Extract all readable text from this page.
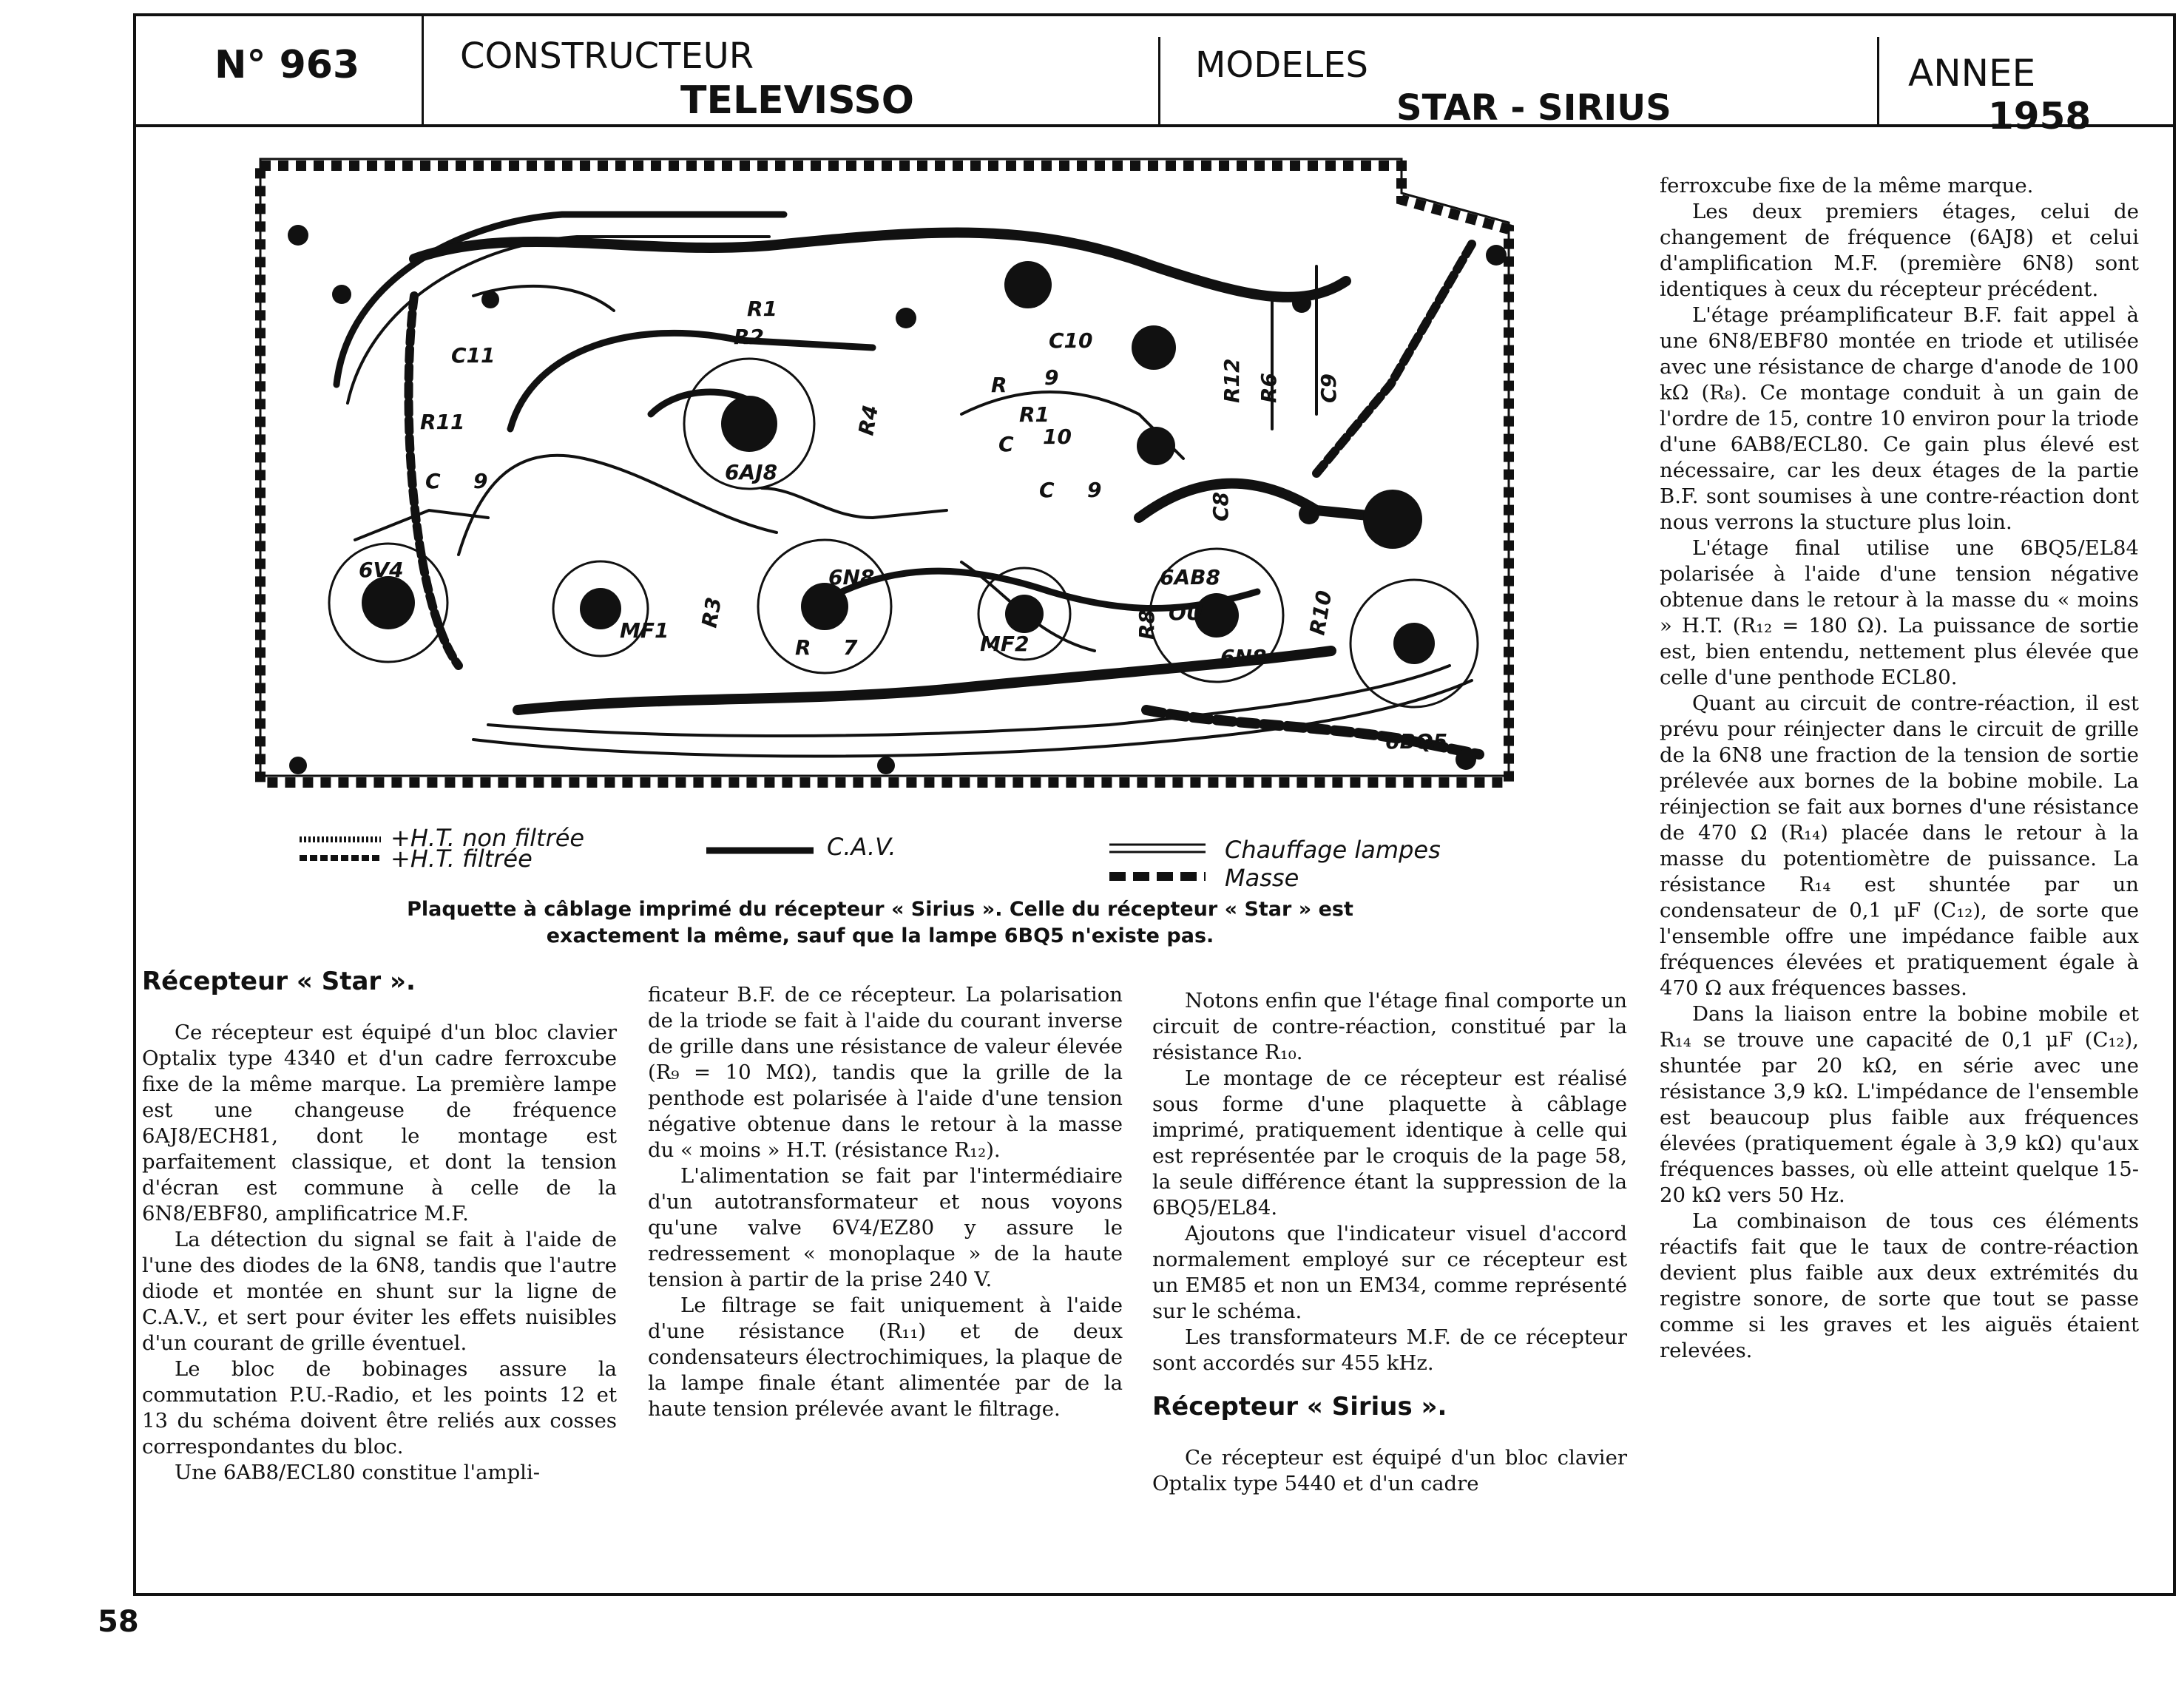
N° 963	CONSTRUCTEUR
TELEVISSO
MODELES
STAR - SIRIUS
ANNEE
1958
C11
R1
R2	C10
R12 R6 C9
R11
C 9	6AJ8
R4
R 9
R1
C 10
C 9
C8
6V4
MF1
R3
6N8
R 7	MF2
R8
6AB8
OU
6N8
R10
6BQ5
+H.T. non filtrée
+H.T. filtrée	C.A.V.	Chauffage lampes
Masse
Plaquette à câblage imprimé du récepteur « Sirius ». Celle du récepteur « Star » est
exactement la même, sauf que la lampe 6BQ5 n'existe pas.
Récepteur « Star ».

Ce récepteur est équipé d'un bloc clavier Optalix type 4340 et d'un cadre ferroxcube fixe de la même marque. La première lampe est une changeuse de fréquence 6AJ8/ECH81, dont le montage est parfaitement classique, et dont la tension d'écran est commune à celle de la 6N8/EBF80, amplificatrice M.F.

La détection du signal se fait à l'aide de l'une des diodes de la 6N8, tandis que l'autre diode et montée en shunt sur la ligne de C.A.V., et sert pour éviter les effets nuisibles d'un courant de grille éventuel.

Le bloc de bobinages assure la commutation P.U.-Radio, et les points 12 et 13 du schéma doivent être reliés aux cosses correspondantes du bloc.

Une 6AB8/ECL80 constitue l'ampli-

ficateur B.F. de ce récepteur. La polarisation de la triode se fait à l'aide du courant inverse de grille dans une résistance de valeur élevée (R₉ = 10 MΩ), tandis que la grille de la penthode est polarisée à l'aide d'une tension négative obtenue dans le retour à la masse du « moins » H.T. (résistance R₁₂).

L'alimentation se fait par l'intermédiaire d'un autotransformateur et nous voyons qu'une valve 6V4/EZ80 y assure le redressement « monoplaque » de la haute tension à partir de la prise 240 V.

Le filtrage se fait uniquement à l'aide d'une résistance (R₁₁) et de deux condensateurs électrochimiques, la plaque de la lampe finale étant alimentée par de la haute tension prélevée avant le filtrage.

Notons enfin que l'étage final comporte un circuit de contre-réaction, constitué par la résistance R₁₀.

Le montage de ce récepteur est réalisé sous forme d'une plaquette à câblage imprimé, pratiquement identique à celle qui est représentée par le croquis de la page 58, la seule différence étant la suppression de la 6BQ5/EL84.

Ajoutons que l'indicateur visuel d'accord normalement employé sur ce récepteur est un EM85 et non un EM34, comme représenté sur le schéma.

Les transformateurs M.F. de ce récepteur sont accordés sur 455 kHz.

Récepteur « Sirius ».

Ce récepteur est équipé d'un bloc clavier Optalix type 5440 et d'un cadre

ferroxcube fixe de la même marque.

Les deux premiers étages, celui de changement de fréquence (6AJ8) et celui d'amplification M.F. (première 6N8) sont identiques à ceux du récepteur précédent.

L'étage préamplificateur B.F. fait appel à une 6N8/EBF80 montée en triode et utilisée avec une résistance de charge d'anode de 100 kΩ (R₈). Ce montage conduit à un gain de l'ordre de 15, contre 10 environ pour la triode d'une 6AB8/ECL80. Ce gain plus élevé est nécessaire, car les deux étages de la partie B.F. sont soumises à une contre-réaction dont nous verrons la stucture plus loin.

L'étage final utilise une 6BQ5/EL84 polarisée à l'aide d'une tension négative obtenue dans le retour à la masse du « moins » H.T. (R₁₂ = 180 Ω). La puissance de sortie est, bien entendu, nettement plus élevée que celle d'une penthode ECL80.

Quant au circuit de contre-réaction, il est prévu pour réinjecter dans le circuit de grille de la 6N8 une fraction de la tension de sortie prélevée aux bornes de la bobine mobile. La réinjection se fait aux bornes d'une résistance de 470 Ω (R₁₄) placée dans le retour à la masse du potentiomètre de puissance. La résistance R₁₄ est shuntée par un condensateur de 0,1 μF (C₁₂), de sorte que l'ensemble offre une impédance faible aux fréquences élevées et pratiquement égale à 470 Ω aux fréquences basses.

Dans la liaison entre la bobine mobile et R₁₄ se trouve une capacité de 0,1 μF (C₁₂), shuntée par 20 kΩ, en série avec une résistance 3,9 kΩ. L'impédance de l'ensemble est beaucoup plus faible aux fréquences élevées (pratiquement égale à 3,9 kΩ) qu'aux fréquences basses, où elle atteint quelque 15-20 kΩ vers 50 Hz.

La combinaison de tous ces éléments réactifs fait que le taux de contre-réaction devient plus faible aux deux extrémités du registre sonore, de sorte que tout se passe comme si les graves et les aiguës étaient relevées.

58
